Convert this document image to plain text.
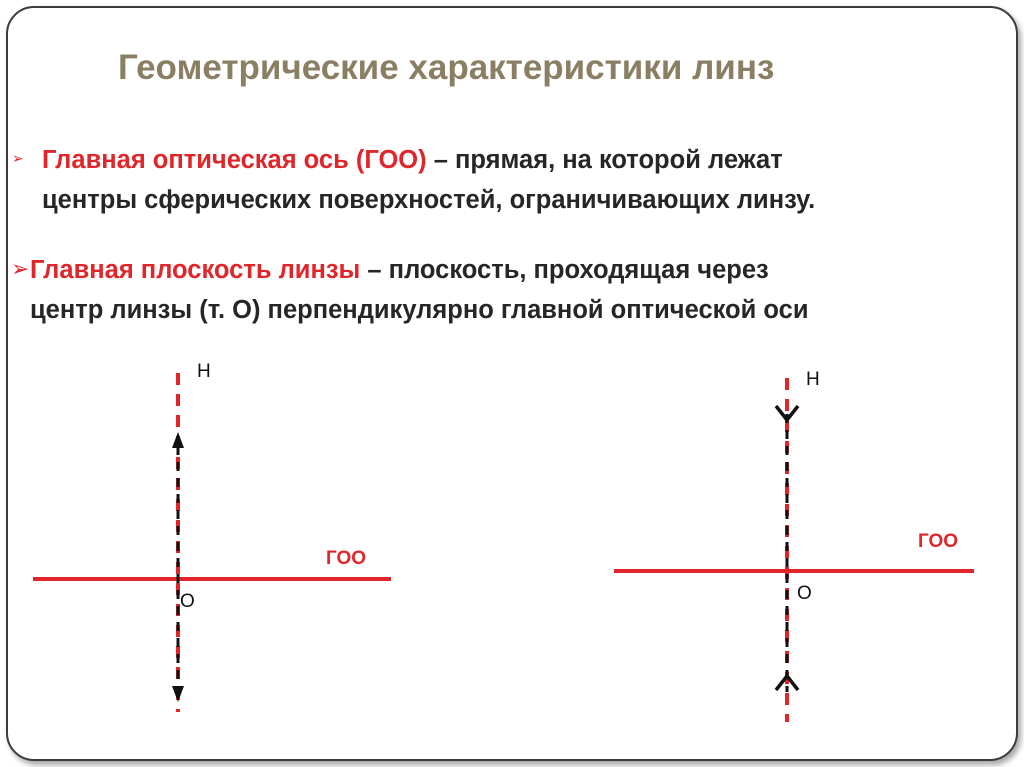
Геометрические характеристики линз
➢ Главная оптическая ось (ГОО) – прямая, на которой лежат
центры сферических поверхностей, ограничивающих линзу.
➢ Главная плоскость линзы – плоскость, проходящая через
центр линзы (т. О) перпендикулярно главной оптической оси
Н
ГОО
О
Н
ГОО
О
